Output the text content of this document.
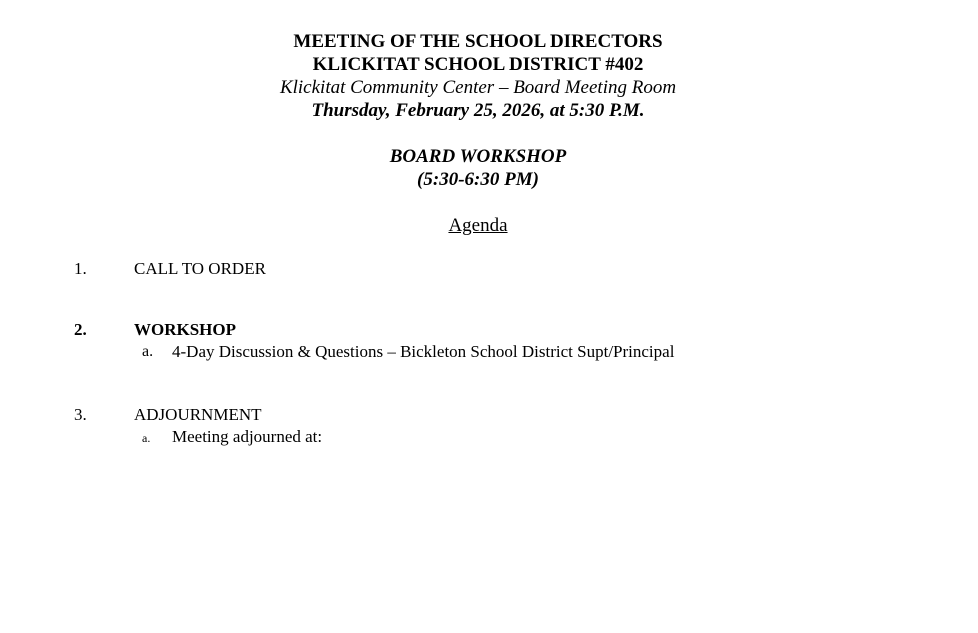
MEETING OF THE SCHOOL DIRECTORS
KLICKITAT SCHOOL DISTRICT #402
Klickitat Community Center – Board Meeting Room
Thursday, February 25, 2026, at 5:30 P.M.
BOARD WORKSHOP
(5:30-6:30 PM)
Agenda
1.	CALL TO ORDER
2.	WORKSHOP
a. 4-Day Discussion & Questions – Bickleton School District Supt/Principal
3.	ADJOURNMENT
a. Meeting adjourned at:
